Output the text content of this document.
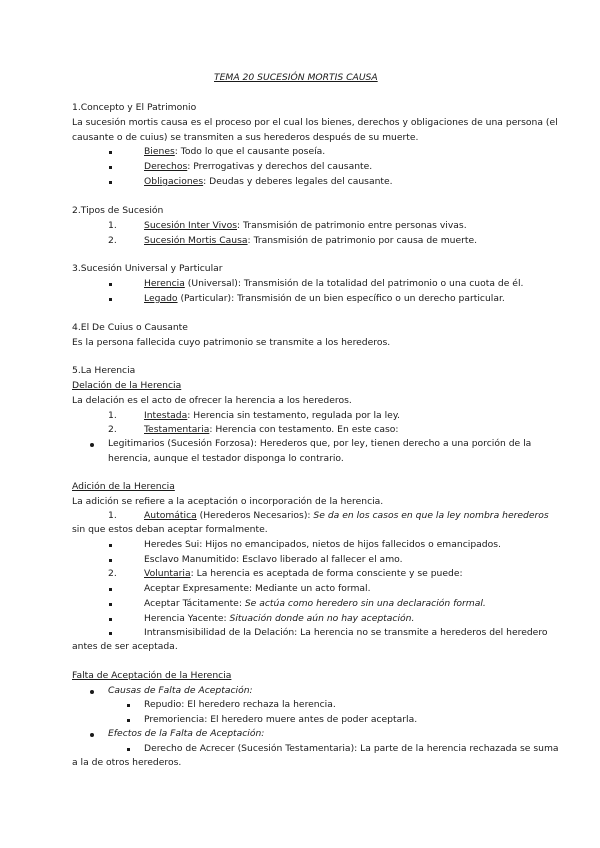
TEMA 20 SUCESIÓN MORTIS CAUSA
1.Concepto y El Patrimonio
La sucesión mortis causa es el proceso por el cual los bienes, derechos y obligaciones de una persona (el
causante o de cuius) se transmiten a sus herederos después de su muerte.
Bienes: Todo lo que el causante poseía.
Derechos: Prerrogativas y derechos del causante.
Obligaciones: Deudas y deberes legales del causante.
2.Tipos de Sucesión
1.	Sucesión Inter Vivos: Transmisión de patrimonio entre personas vivas.
2.	Sucesión Mortis Causa: Transmisión de patrimonio por causa de muerte.
3.Sucesión Universal y Particular
Herencia (Universal): Transmisión de la totalidad del patrimonio o una cuota de él.
Legado (Particular): Transmisión de un bien específico o un derecho particular.
4.El De Cuius o Causante
Es la persona fallecida cuyo patrimonio se transmite a los herederos.
5.La Herencia
Delación de la Herencia
La delación es el acto de ofrecer la herencia a los herederos.
1.	Intestada: Herencia sin testamento, regulada por la ley.
2.	Testamentaria: Herencia con testamento. En este caso:
Legitimarios (Sucesión Forzosa): Herederos que, por ley, tienen derecho a una porción de la
herencia, aunque el testador disponga lo contrario.
Adición de la Herencia
La adición se refiere a la aceptación o incorporación de la herencia.
1.	Automática (Herederos Necesarios): Se da en los casos en que la ley nombra herederos
sin que estos deban aceptar formalmente.
Heredes Sui: Hijos no emancipados, nietos de hijos fallecidos o emancipados.
Esclavo Manumitido: Esclavo liberado al fallecer el amo.
2.	Voluntaria: La herencia es aceptada de forma consciente y se puede:
Aceptar Expresamente: Mediante un acto formal.
Aceptar Tácitamente: Se actúa como heredero sin una declaración formal.
Herencia Yacente: Situación donde aún no hay aceptación.
Intransmisibilidad de la Delación: La herencia no se transmite a herederos del heredero
antes de ser aceptada.
Falta de Aceptación de la Herencia
Causas de Falta de Aceptación:
Repudio: El heredero rechaza la herencia.
Premoriencia: El heredero muere antes de poder aceptarla.
Efectos de la Falta de Aceptación:
Derecho de Acrecer (Sucesión Testamentaria): La parte de la herencia rechazada se suma
a la de otros herederos.
